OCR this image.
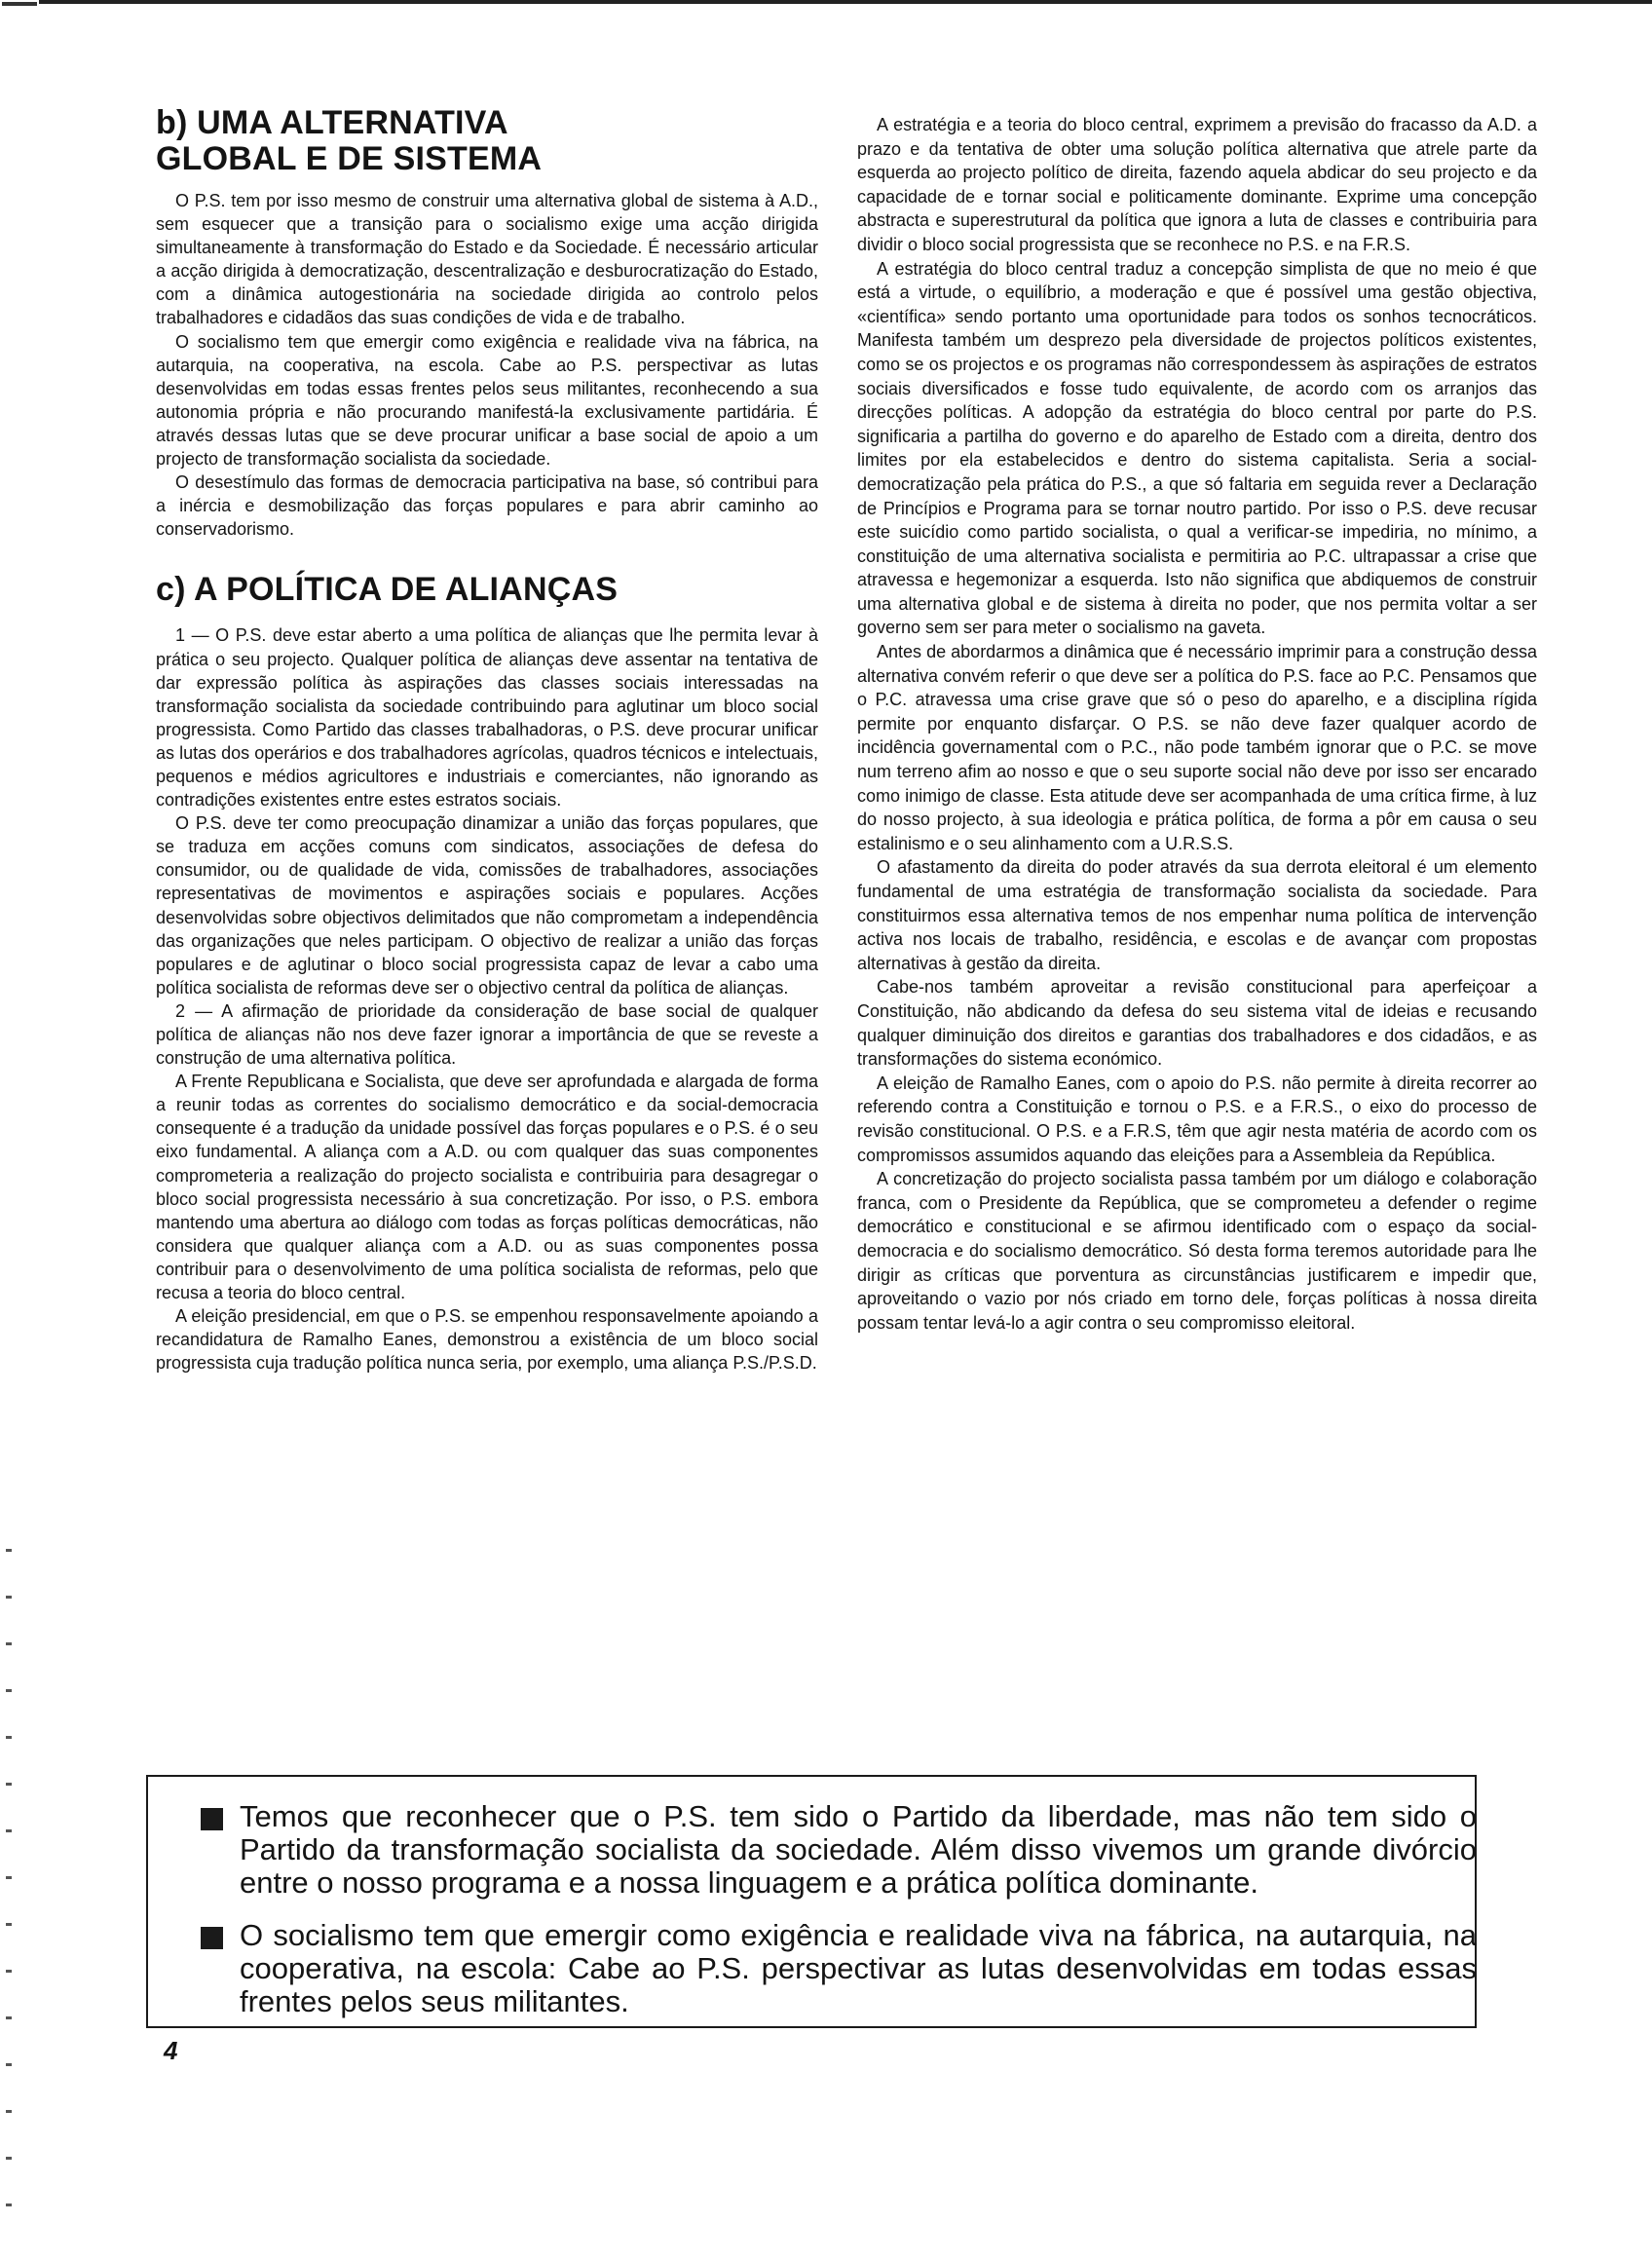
b) UMA ALTERNATIVA
GLOBAL E DE SISTEMA

O P.S. tem por isso mesmo de construir uma alternativa global de sistema à A.D., sem esquecer que a transição para o socialismo exige uma acção dirigida simultaneamente à transformação do Estado e da Sociedade. É necessário articular a acção dirigida à democratização, descentralização e desburocratização do Estado, com a dinâmica autogestionária na sociedade dirigida ao controlo pelos trabalhadores e cidadãos das suas condições de vida e de trabalho.

O socialismo tem que emergir como exigência e realidade viva na fábrica, na autarquia, na cooperativa, na escola. Cabe ao P.S. perspectivar as lutas desenvolvidas em todas essas frentes pelos seus militantes, reconhecendo a sua autonomia própria e não procurando manifestá-la exclusivamente partidária. É através dessas lutas que se deve procurar unificar a base social de apoio a um projecto de transformação socialista da sociedade.

O desestímulo das formas de democracia participativa na base, só contribui para a inércia e desmobilização das forças populares e para abrir caminho ao conservadorismo.

c) A POLÍTICA DE ALIANÇAS

1 — O P.S. deve estar aberto a uma política de alianças que lhe permita levar à prática o seu projecto. Qualquer política de alianças deve assentar na tentativa de dar expressão política às aspirações das classes sociais interessadas na transformação socialista da sociedade contribuindo para aglutinar um bloco social progressista. Como Partido das classes trabalhadoras, o P.S. deve procurar unificar as lutas dos operários e dos trabalhadores agrícolas, quadros técnicos e intelectuais, pequenos e médios agricultores e industriais e comerciantes, não ignorando as contradições existentes entre estes estratos sociais.

O P.S. deve ter como preocupação dinamizar a união das forças populares, que se traduza em acções comuns com sindicatos, associações de defesa do consumidor, ou de qualidade de vida, comissões de trabalhadores, associações representativas de movimentos e aspirações sociais e populares. Acções desenvolvidas sobre objectivos delimitados que não comprometam a independência das organizações que neles participam. O objectivo de realizar a união das forças populares e de aglutinar o bloco social progressista capaz de levar a cabo uma política socialista de reformas deve ser o objectivo central da política de alianças.

2 — A afirmação de prioridade da consideração de base social de qualquer política de alianças não nos deve fazer ignorar a importância de que se reveste a construção de uma alternativa política.

A Frente Republicana e Socialista, que deve ser aprofundada e alargada de forma a reunir todas as correntes do socialismo democrático e da social-democracia consequente é a tradução da unidade possível das forças populares e o P.S. é o seu eixo fundamental. A aliança com a A.D. ou com qualquer das suas componentes comprometeria a realização do projecto socialista e contribuiria para desagregar o bloco social progressista necessário à sua concretização. Por isso, o P.S. embora mantendo uma abertura ao diálogo com todas as forças políticas democráticas, não considera que qualquer aliança com a A.D. ou as suas componentes possa contribuir para o desenvolvimento de uma política socialista de reformas, pelo que recusa a teoria do bloco central.

A eleição presidencial, em que o P.S. se empenhou responsavelmente apoiando a recandidatura de Ramalho Eanes, demonstrou a existência de um bloco social progressista cuja tradução política nunca seria, por exemplo, uma aliança P.S./P.S.D.

A estratégia e a teoria do bloco central, exprimem a previsão do fracasso da A.D. a prazo e da tentativa de obter uma solução política alternativa que atrele parte da esquerda ao projecto político de direita, fazendo aquela abdicar do seu projecto e da capacidade de e tornar social e politicamente dominante. Exprime uma concepção abstracta e superestrutural da política que ignora a luta de classes e contribuiria para dividir o bloco social progressista que se reconhece no P.S. e na F.R.S.

A estratégia do bloco central traduz a concepção simplista de que no meio é que está a virtude, o equilíbrio, a moderação e que é possível uma gestão objectiva, «científica» sendo portanto uma oportunidade para todos os sonhos tecnocráticos. Manifesta também um desprezo pela diversidade de projectos políticos existentes, como se os projectos e os programas não correspondessem às aspirações de estratos sociais diversificados e fosse tudo equivalente, de acordo com os arranjos das direcções políticas. A adopção da estratégia do bloco central por parte do P.S. significaria a partilha do governo e do aparelho de Estado com a direita, dentro dos limites por ela estabelecidos e dentro do sistema capitalista. Seria a social-democratização pela prática do P.S., a que só faltaria em seguida rever a Declaração de Princípios e Programa para se tornar noutro partido. Por isso o P.S. deve recusar este suicídio como partido socialista, o qual a verificar-se impediria, no mínimo, a constituição de uma alternativa socialista e permitiria ao P.C. ultrapassar a crise que atravessa e hegemonizar a esquerda. Isto não significa que abdiquemos de construir uma alternativa global e de sistema à direita no poder, que nos permita voltar a ser governo sem ser para meter o socialismo na gaveta.

Antes de abordarmos a dinâmica que é necessário imprimir para a construção dessa alternativa convém referir o que deve ser a política do P.S. face ao P.C. Pensamos que o P.C. atravessa uma crise grave que só o peso do aparelho, e a disciplina rígida permite por enquanto disfarçar. O P.S. se não deve fazer qualquer acordo de incidência governamental com o P.C., não pode também ignorar que o P.C. se move num terreno afim ao nosso e que o seu suporte social não deve por isso ser encarado como inimigo de classe. Esta atitude deve ser acompanhada de uma crítica firme, à luz do nosso projecto, à sua ideologia e prática política, de forma a pôr em causa o seu estalinismo e o seu alinhamento com a U.R.S.S.

O afastamento da direita do poder através da sua derrota eleitoral é um elemento fundamental de uma estratégia de transformação socialista da sociedade. Para constituirmos essa alternativa temos de nos empenhar numa política de intervenção activa nos locais de trabalho, residência, e escolas e de avançar com propostas alternativas à gestão da direita.

Cabe-nos também aproveitar a revisão constitucional para aperfeiçoar a Constituição, não abdicando da defesa do seu sistema vital de ideias e recusando qualquer diminuição dos direitos e garantias dos trabalhadores e dos cidadãos, e as transformações do sistema económico.

A eleição de Ramalho Eanes, com o apoio do P.S. não permite à direita recorrer ao referendo contra a Constituição e tornou o P.S. e a F.R.S., o eixo do processo de revisão constitucional. O P.S. e a F.R.S, têm que agir nesta matéria de acordo com os compromissos assumidos aquando das eleições para a Assembleia da República.

A concretização do projecto socialista passa também por um diálogo e colaboração franca, com o Presidente da República, que se comprometeu a defender o regime democrático e constitucional e se afirmou identificado com o espaço da social-democracia e do socialismo democrático. Só desta forma teremos autoridade para lhe dirigir as críticas que porventura as circunstâncias justificarem e impedir que, aproveitando o vazio por nós criado em torno dele, forças políticas à nossa direita possam tentar levá-lo a agir contra o seu compromisso eleitoral.

Temos que reconhecer que o P.S. tem sido o Partido da liberdade, mas não tem sido o Partido da transformação socialista da sociedade. Além disso vivemos um grande divórcio entre o nosso programa e a nossa linguagem e a prática política dominante.
O socialismo tem que emergir como exigência e realidade viva na fábrica, na autarquia, na cooperativa, na escola: Cabe ao P.S. perspectivar as lutas desenvolvidas em todas essas frentes pelos seus militantes.
4
